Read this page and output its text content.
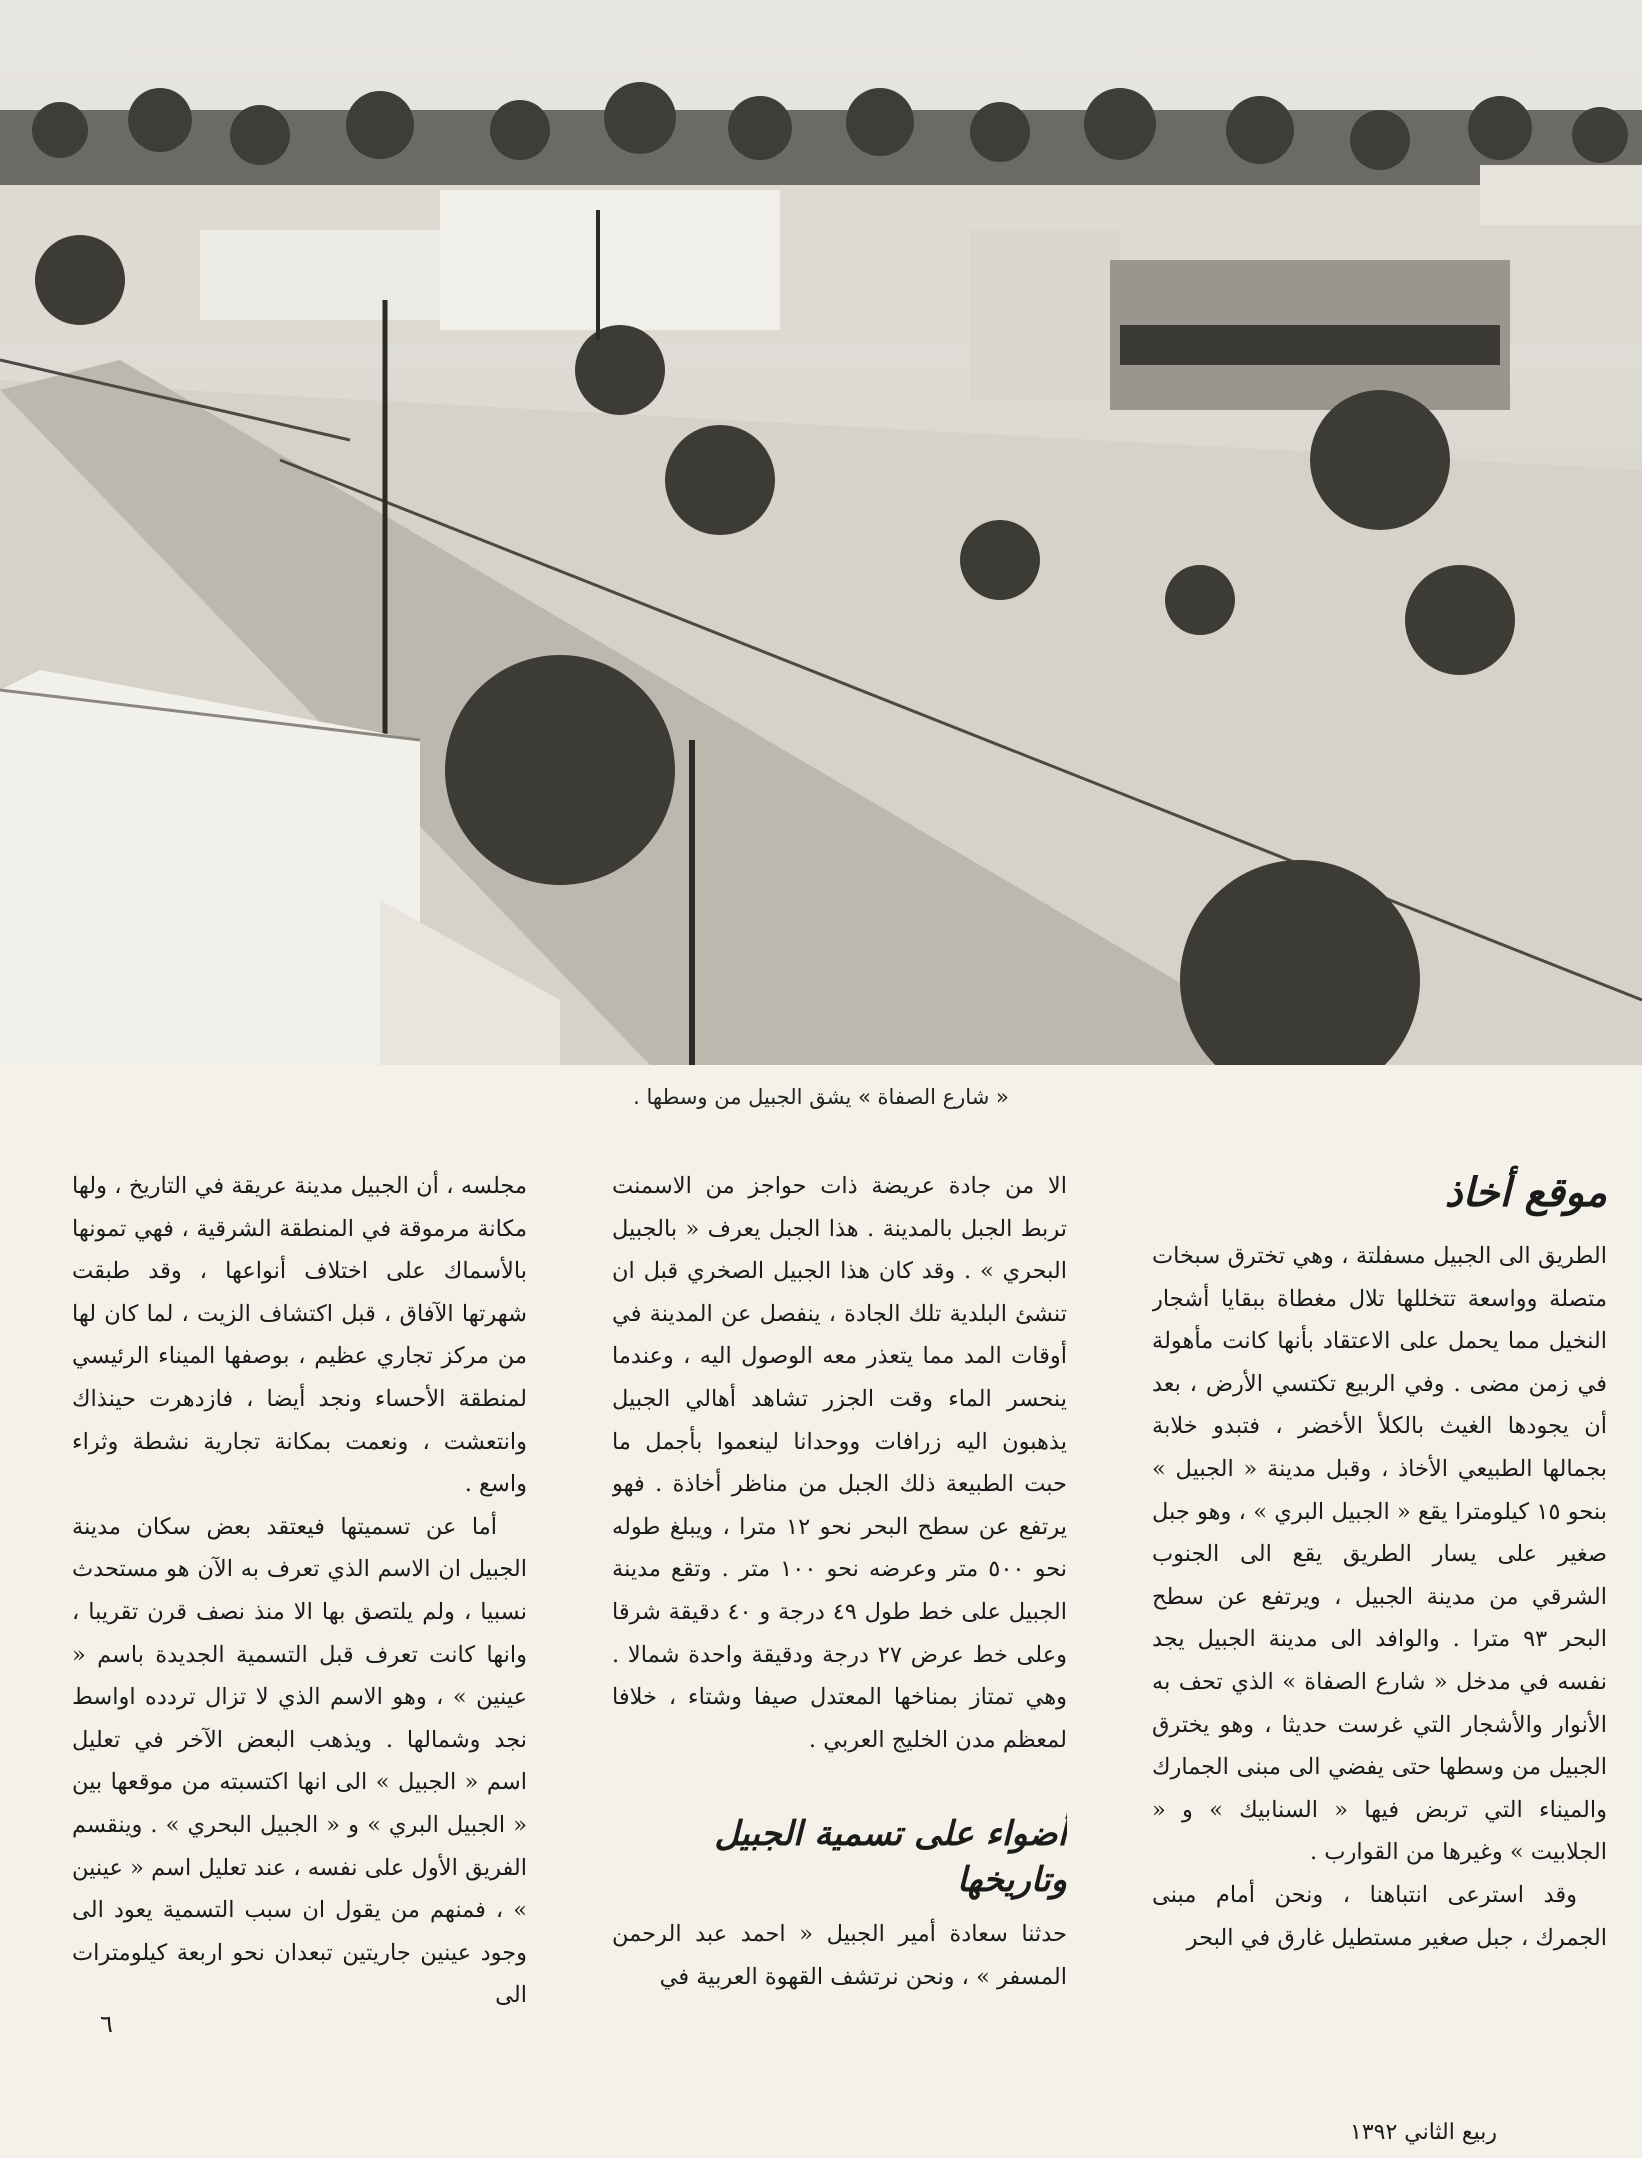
« شارع الصفاة » يشق الجبيل من وسطها .
موقع أخاذ

الطريق الى الجبيل مسفلتة ، وهي تخترق سبخات متصلة وواسعة تتخللها تلال مغطاة ببقايا أشجار النخيل مما يحمل على الاعتقاد بأنها كانت مأهولة في زمن مضى . وفي الربيع تكتسي الأرض ، بعد أن يجودها الغيث بالكلأ الأخضر ، فتبدو خلابة بجمالها الطبيعي الأخاذ ، وقبل مدينة « الجبيل » بنحو ١٥ كيلومترا يقع « الجبيل البري » ، وهو جبل صغير على يسار الطريق يقع الى الجنوب الشرقي من مدينة الجبيل ، ويرتفع عن سطح البحر ٩٣ مترا . والوافد الى مدينة الجبيل يجد نفسه في مدخل « شارع الصفاة » الذي تحف به الأنوار والأشجار التي غرست حديثا ، وهو يخترق الجبيل من وسطها حتى يفضي الى مبنى الجمارك والميناء التي تربض فيها « السنابيك » و « الجلابيت » وغيرها من القوارب .

وقد استرعى انتباهنا ، ونحن أمام مبنى الجمرك ، جبل صغير مستطيل غارق في البحر

الا من جادة عريضة ذات حواجز من الاسمنت تربط الجبل بالمدينة . هذا الجبل يعرف « بالجبيل البحري » . وقد كان هذا الجبيل الصخري قبل ان تنشئ البلدية تلك الجادة ، ينفصل عن المدينة في أوقات المد مما يتعذر معه الوصول اليه ، وعندما ينحسر الماء وقت الجزر تشاهد أهالي الجبيل يذهبون اليه زرافات ووحدانا لينعموا بأجمل ما حبت الطبيعة ذلك الجبل من مناظر أخاذة . فهو يرتفع عن سطح البحر نحو ١٢ مترا ، ويبلغ طوله نحو ٥٠٠ متر وعرضه نحو ١٠٠ متر . وتقع مدينة الجبيل على خط طول ٤٩ درجة و ٤٠ دقيقة شرقا وعلى خط عرض ٢٧ درجة ودقيقة واحدة شمالا . وهي تمتاز بمناخها المعتدل صيفا وشتاء ، خلافا لمعظم مدن الخليج العربي .

أضواء على تسمية الجبيل وتاريخها

حدثنا سعادة أمير الجبيل « احمد عبد الرحمن المسفر » ، ونحن نرتشف القهوة العربية في

مجلسه ، أن الجبيل مدينة عريقة في التاريخ ، ولها مكانة مرموقة في المنطقة الشرقية ، فهي تمونها بالأسماك على اختلاف أنواعها ، وقد طبقت شهرتها الآفاق ، قبل اكتشاف الزيت ، لما كان لها من مركز تجاري عظيم ، بوصفها الميناء الرئيسي لمنطقة الأحساء ونجد أيضا ، فازدهرت حينذاك وانتعشت ، ونعمت بمكانة تجارية نشطة وثراء واسع .

أما عن تسميتها فيعتقد بعض سكان مدينة الجبيل ان الاسم الذي تعرف به الآن هو مستحدث نسبيا ، ولم يلتصق بها الا منذ نصف قرن تقريبا ، وانها كانت تعرف قبل التسمية الجديدة باسم « عينين » ، وهو الاسم الذي لا تزال تردده اواسط نجد وشمالها . ويذهب البعض الآخر في تعليل اسم « الجبيل » الى انها اكتسبته من موقعها بين « الجبيل البري » و « الجبيل البحري » . وينقسم الفريق الأول على نفسه ، عند تعليل اسم « عينين » ، فمنهم من يقول ان سبب التسمية يعود الى وجود عينين جاريتين تبعدان نحو اربعة كيلومترات الى

٦
ربيع الثاني ١٣٩٢
